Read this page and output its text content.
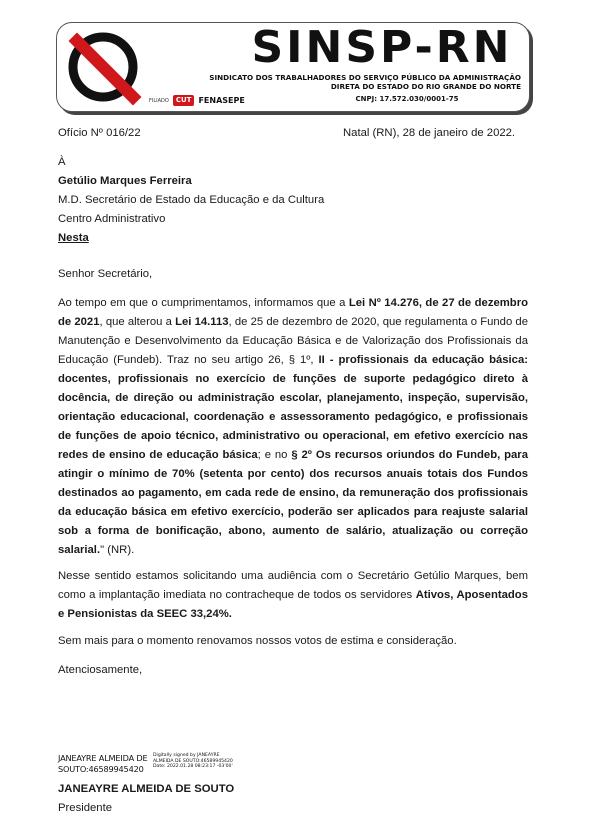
SINSP-RN
SINDICATO DOS TRABALHADORES DO SERVIÇO PÚBLICO DA ADMINISTRAÇÃO
DIRETA DO ESTADO DO RIO GRANDE DO NORTE
FILIADO	CUT FENASEPE	CNPJ: 17.572.030/0001-75
Ofício Nº 016/22	Natal (RN), 28 de janeiro de 2022.
À
Getúlio Marques Ferreira
M.D. Secretário de Estado da Educação e da Cultura
Centro Administrativo
Nesta
Senhor Secretário,
Ao tempo em que o cumprimentamos, informamos que a Lei Nº 14.276, de 27 de dezembro de 2021, que alterou a Lei 14.113, de 25 de dezembro de 2020, que regulamenta o Fundo de Manutenção e Desenvolvimento da Educação Básica e de Valorização dos Profissionais da Educação (Fundeb). Traz no seu artigo 26, § 1º, II - profissionais da educação básica: docentes, profissionais no exercício de funções de suporte pedagógico direto à docência, de direção ou administração escolar, planejamento, inspeção, supervisão, orientação educacional, coordenação e assessoramento pedagógico, e profissionais de funções de apoio técnico, administrativo ou operacional, em efetivo exercício nas redes de ensino de educação básica; e no § 2º Os recursos oriundos do Fundeb, para atingir o mínimo de 70% (setenta por cento) dos recursos anuais totais dos Fundos destinados ao pagamento, em cada rede de ensino, da remuneração dos profissionais da educação básica em efetivo exercício, poderão ser aplicados para reajuste salarial sob a forma de bonificação, abono, aumento de salário, atualização ou correção salarial." (NR).
Nesse sentido estamos solicitando uma audiência com o Secretário Getúlio Marques, bem como a implantação imediata no contracheque de todos os servidores Ativos, Aposentados e Pensionistas da SEEC 33,24%.
Sem mais para o momento renovamos nossos votos de estima e consideração.
Atenciosamente,
JANEAYRE ALMEIDA DE
SOUTO:46589945420
Digitally signed by JANEAYRE
ALMEIDA DE SOUTO:46589945420
Date: 2022.01.28 08:23:17 -03'00'
JANEAYRE ALMEIDA DE SOUTO
Presidente
